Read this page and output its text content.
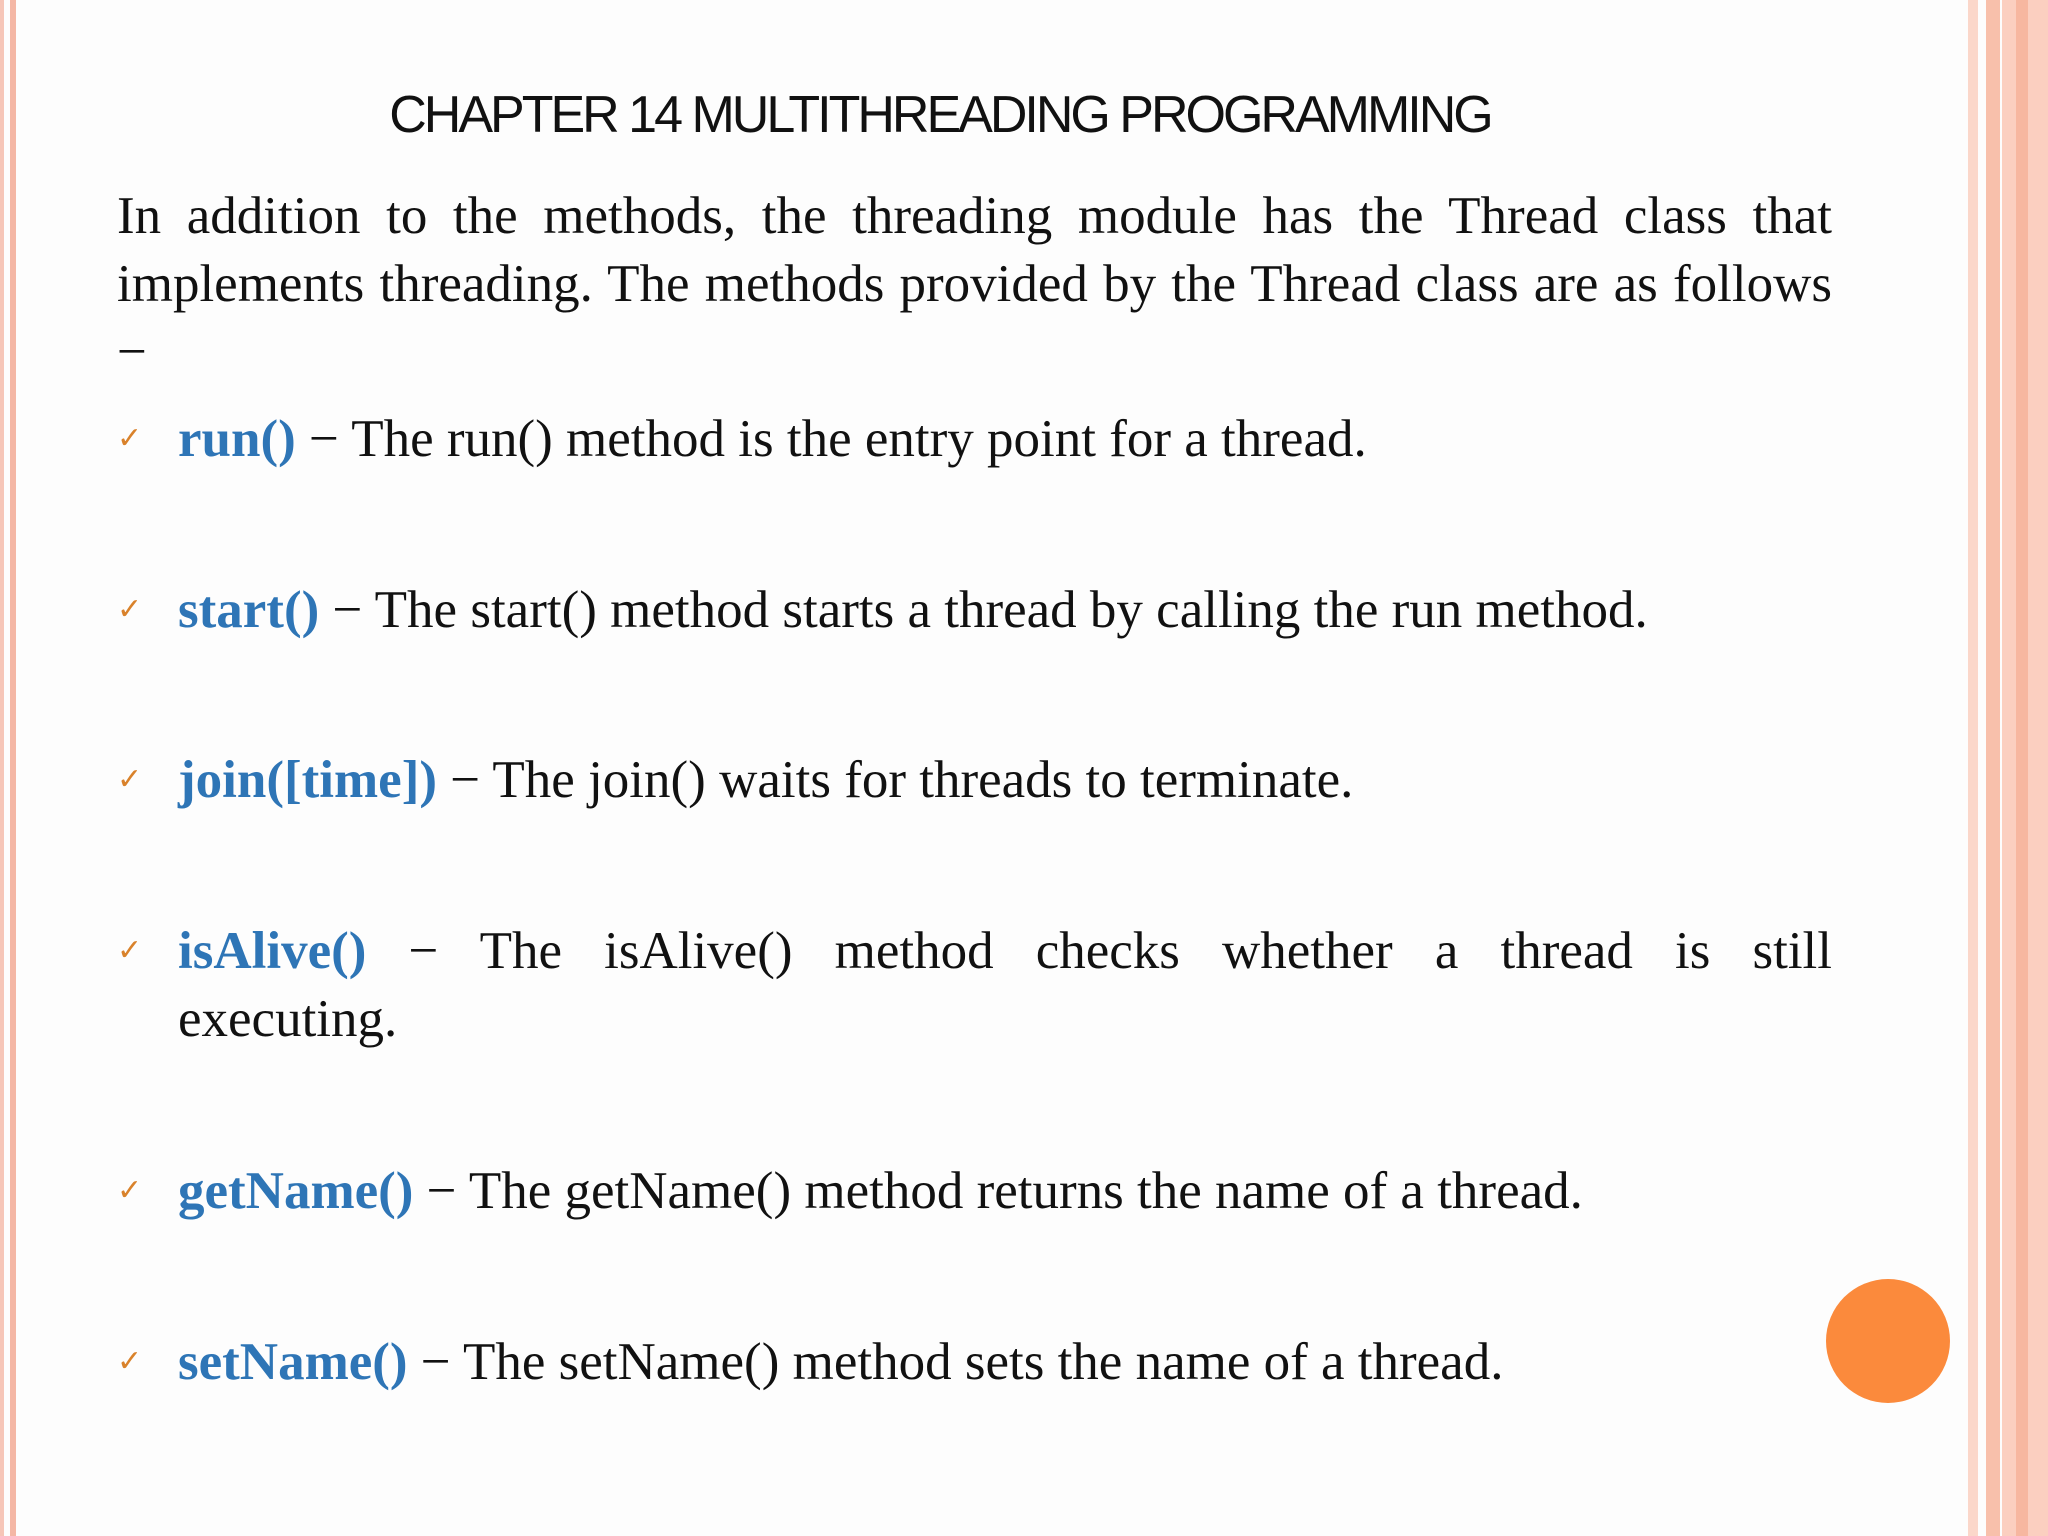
CHAPTER 14 MULTITHREADING PROGRAMMING
In addition to the methods, the threading module has the Thread class that implements threading. The methods provided by the Thread class are as follows −
✓ run() − The run() method is the entry point for a thread.
✓ start() − The start() method starts a thread by calling the run method.
✓ join([time]) − The join() waits for threads to terminate.
✓ isAlive() − The isAlive() method checks whether a thread is still executing.
✓ getName() − The getName() method returns the name of a thread.
✓ setName() − The setName() method sets the name of a thread.
